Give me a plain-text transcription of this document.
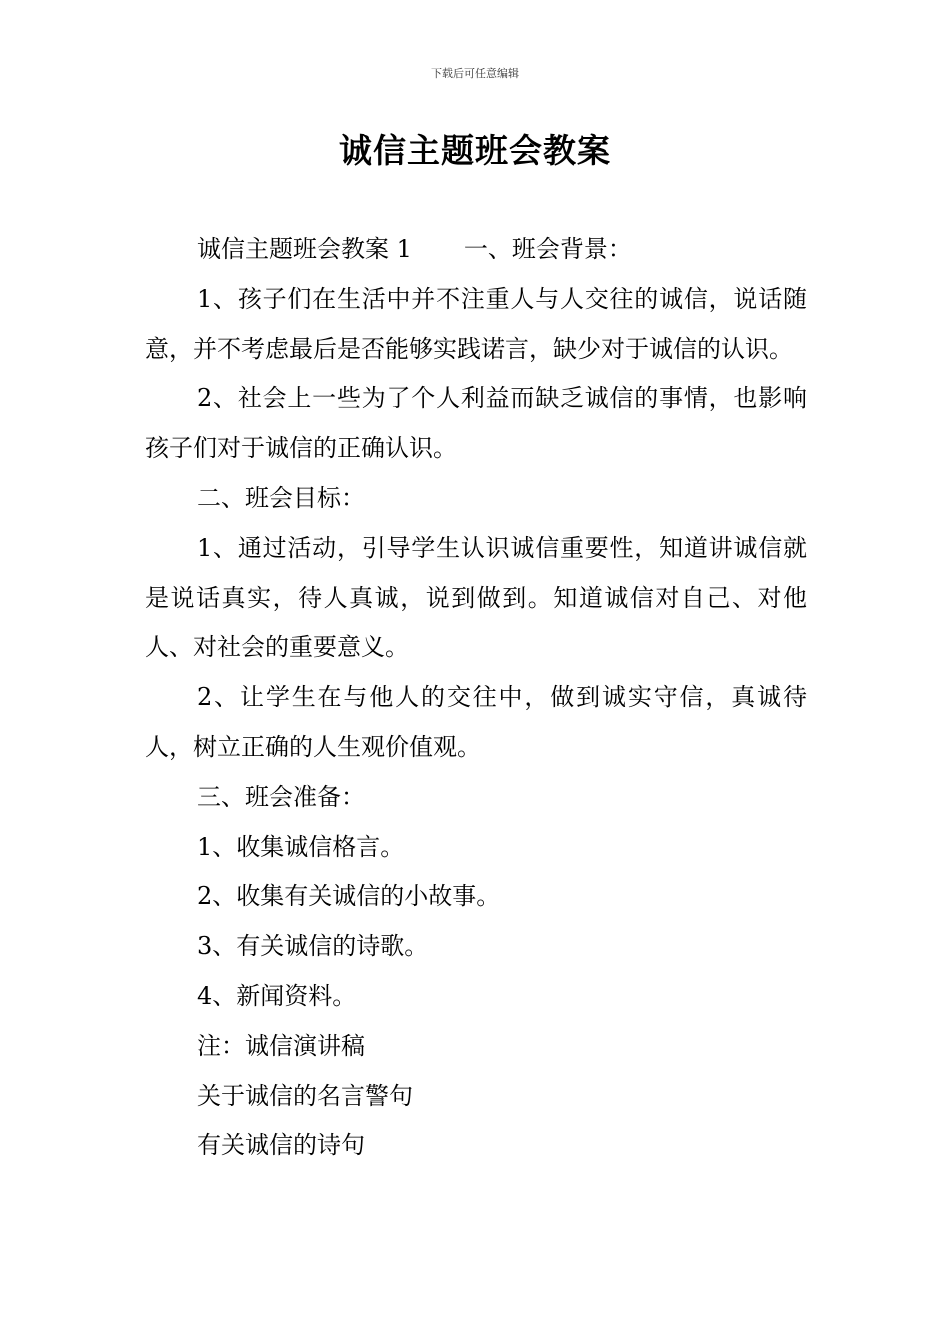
下载后可任意编辑
诚信主题班会教案

诚信主题班会教案 1 一、班会背景：

1、孩子们在生活中并不注重人与人交往的诚信，说话随意，并不考虑最后是否能够实践诺言，缺少对于诚信的认识。

2、社会上一些为了个人利益而缺乏诚信的事情，也影响孩子们对于诚信的正确认识。

二、班会目标：

1、通过活动，引导学生认识诚信重要性，知道讲诚信就是说话真实，待人真诚，说到做到。知道诚信对自己、对他人、对社会的重要意义。

2、让学生在与他人的交往中，做到诚实守信，真诚待人，树立正确的人生观价值观。

三、班会准备：

1、收集诚信格言。

2、收集有关诚信的小故事。

3、有关诚信的诗歌。

4、新闻资料。

注：诚信演讲稿

关于诚信的名言警句

有关诚信的诗句
